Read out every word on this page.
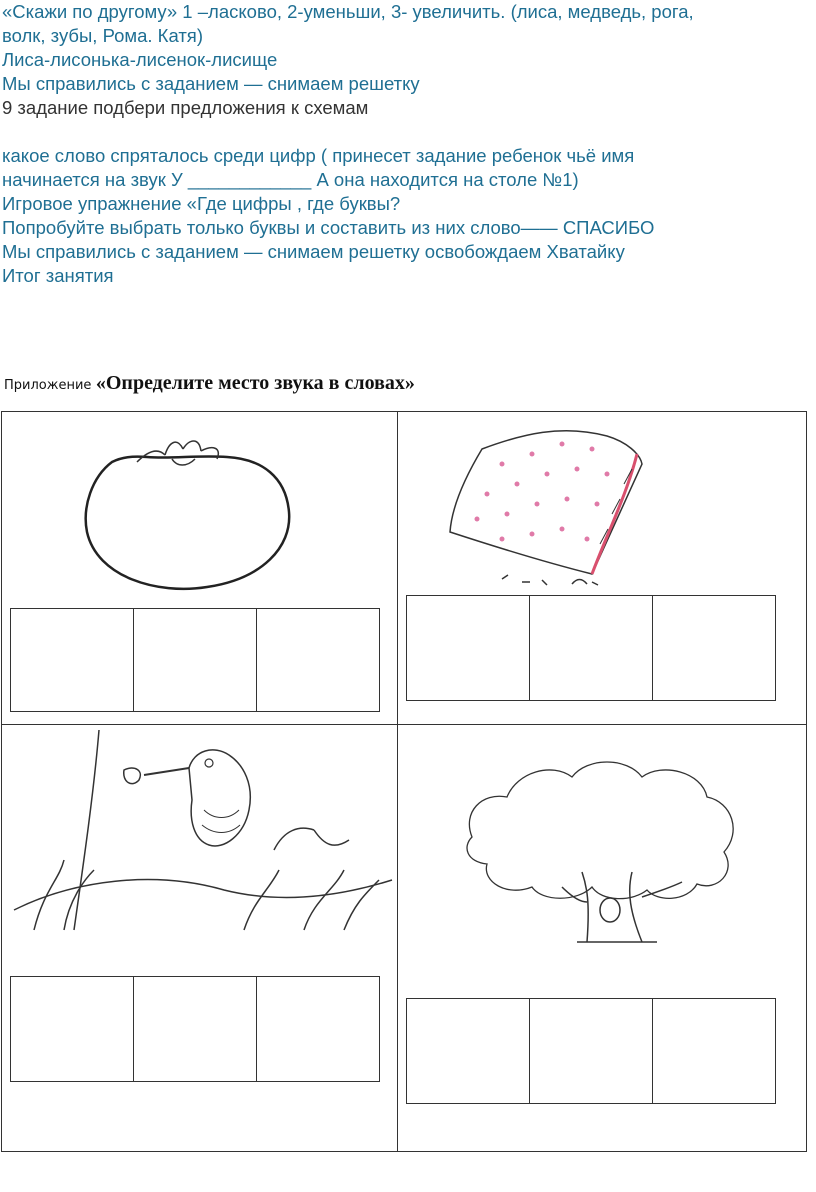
«Скажи по другому» 1 –ласково, 2-уменьши, 3- увеличить. (лиса, медведь, рога,
волк, зубы, Рома. Катя)
Лиса-лисонька-лисенок-лисище
Мы справились с заданием — снимаем решетку
9 задание подбери предложения к схемам
какое слово спряталось среди цифр ( принесет задание ребенок чьё имя
начинается на звук У ____________ А она находится на столе №1)
Игровое упражнение «Где цифры , где буквы?
Попробуйте выбрать только буквы и составить из них слово—— СПАСИБО
Мы справились с заданием — снимаем решетку освобождаем Хватайку
Итог занятия
Приложение «Определите место звука в словах»
